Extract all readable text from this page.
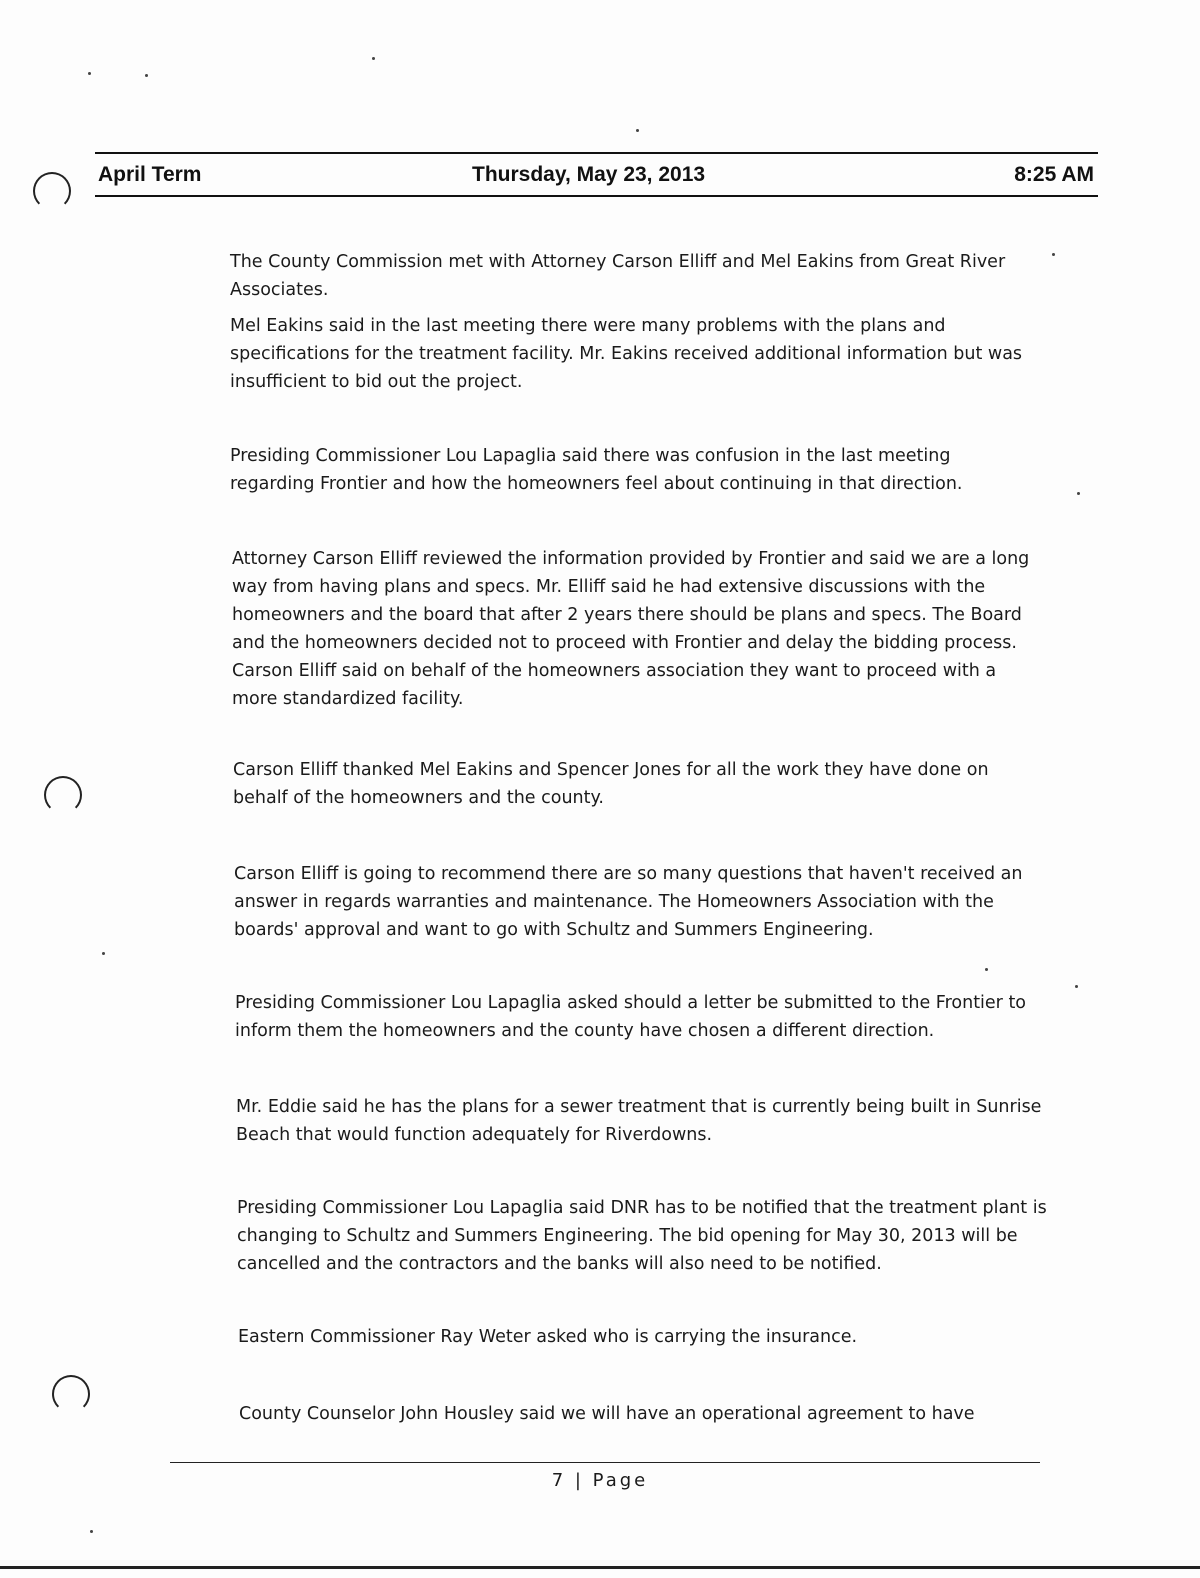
April Term	Thursday, May 23, 2013	8:25 AM
The County Commission met with Attorney Carson Elliff and Mel Eakins from Great River Associates.
Mel Eakins said in the last meeting there were many problems with the plans and specifications for the treatment facility. Mr. Eakins received additional information but was insufficient to bid out the project.
Presiding Commissioner Lou Lapaglia said there was confusion in the last meeting regarding Frontier and how the homeowners feel about continuing in that direction.
Attorney Carson Elliff reviewed the information provided by Frontier and said we are a long way from having plans and specs. Mr. Elliff said he had extensive discussions with the homeowners and the board that after 2 years there should be plans and specs. The Board and the homeowners decided not to proceed with Frontier and delay the bidding process. Carson Elliff said on behalf of the homeowners association they want to proceed with a more standardized facility.
Carson Elliff thanked Mel Eakins and Spencer Jones for all the work they have done on behalf of the homeowners and the county.
Carson Elliff is going to recommend there are so many questions that haven't received an answer in regards warranties and maintenance. The Homeowners Association with the boards' approval and want to go with Schultz and Summers Engineering.
Presiding Commissioner Lou Lapaglia asked should a letter be submitted to the Frontier to inform them the homeowners and the county have chosen a different direction.
Mr. Eddie said he has the plans for a sewer treatment that is currently being built in Sunrise Beach that would function adequately for Riverdowns.
Presiding Commissioner Lou Lapaglia said DNR has to be notified that the treatment plant is changing to Schultz and Summers Engineering. The bid opening for May 30, 2013 will be cancelled and the contractors and the banks will also need to be notified.
Eastern Commissioner Ray Weter asked who is carrying the insurance.
County Counselor John Housley said we will have an operational agreement to have
7 | Page
